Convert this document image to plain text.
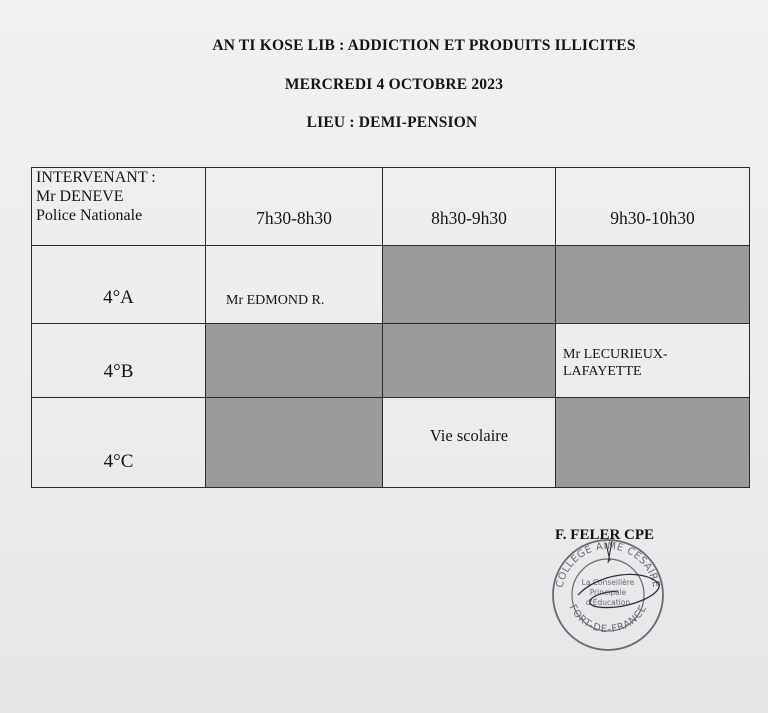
AN TI KOSE LIB : ADDICTION ET PRODUITS ILLICITES
MERCREDI 4 OCTOBRE 2023
LIEU : DEMI-PENSION
INTERVENANT :
Mr DENEVE
Police Nationale	7h30-8h30	8h30-9h30	9h30-10h30
4°A	Mr EDMOND R.		
4°B			Mr LECURIEUX-
LAFAYETTE

4°C		Vie scolaire	
F. FELER CPE
COLLÈGE AIMÉ CÉSAIRE
FORT-DE-FRANCE
La Conseillère
Principale
d'Éducation
